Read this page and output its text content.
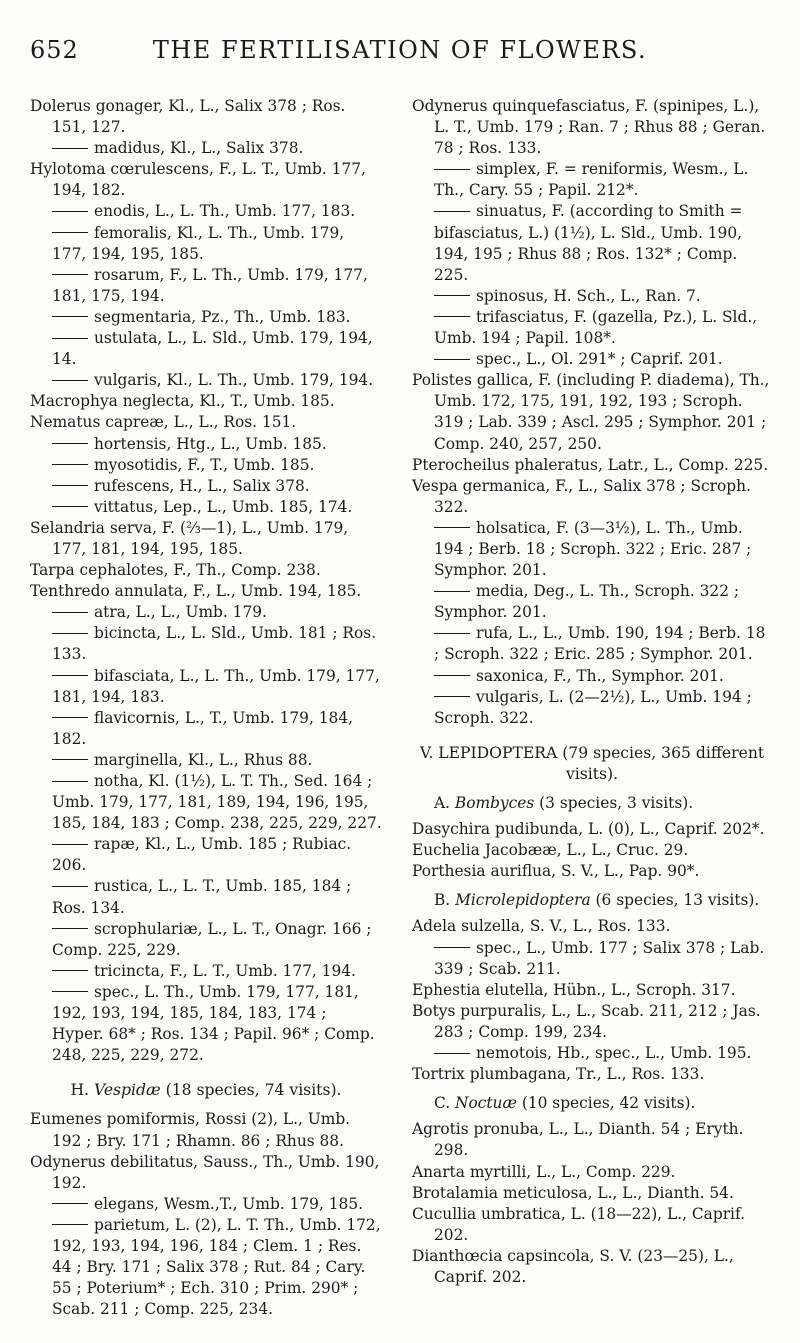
652	THE FERTILISATION OF FLOWERS.

Dolerus gonager, Kl., L., Salix 378 ; Ros. 151, 127.

madidus, Kl., L., Salix 378.

Hylotoma cœrulescens, F., L. T., Umb. 177, 194, 182.

enodis, L., L. Th., Umb. 177, 183.

femoralis, Kl., L. Th., Umb. 179, 177, 194, 195, 185.

rosarum, F., L. Th., Umb. 179, 177, 181, 175, 194.

segmentaria, Pz., Th., Umb. 183.

ustulata, L., L. Sld., Umb. 179, 194, 14.

vulgaris, Kl., L. Th., Umb. 179, 194.

Macrophya neglecta, Kl., T., Umb. 185.

Nematus capreæ, L., L., Ros. 151.

hortensis, Htg., L., Umb. 185.

myosotidis, F., T., Umb. 185.

rufescens, H., L., Salix 378.

vittatus, Lep., L., Umb. 185, 174.

Selandria serva, F. (⅔—1), L., Umb. 179, 177, 181, 194, 195, 185.

Tarpa cephalotes, F., Th., Comp. 238.

Tenthredo annulata, F., L., Umb. 194, 185.

atra, L., L., Umb. 179.

bicincta, L., L. Sld., Umb. 181 ; Ros. 133.

bifasciata, L., L. Th., Umb. 179, 177, 181, 194, 183.

flavicornis, L., T., Umb. 179, 184, 182.

marginella, Kl., L., Rhus 88.

notha, Kl. (1½), L. T. Th., Sed. 164 ; Umb. 179, 177, 181, 189, 194, 196, 195, 185, 184, 183 ; Comp. 238, 225, 229, 227.

rapæ, Kl., L., Umb. 185 ; Rubiac. 206.

rustica, L., L. T., Umb. 185, 184 ; Ros. 134.

scrophulariæ, L., L. T., Onagr. 166 ; Comp. 225, 229.

tricincta, F., L. T., Umb. 177, 194.

spec., L. Th., Umb. 179, 177, 181, 192, 193, 194, 185, 184, 183, 174 ; Hyper. 68* ; Ros. 134 ; Papil. 96* ; Comp. 248, 225, 229, 272.

H. Vespidæ (18 species, 74 visits).

Eumenes pomiformis, Rossi (2), L., Umb. 192 ; Bry. 171 ; Rhamn. 86 ; Rhus 88.

Odynerus debilitatus, Sauss., Th., Umb. 190, 192.

elegans, Wesm.,T., Umb. 179, 185.

parietum, L. (2), L. T. Th., Umb. 172, 192, 193, 194, 196, 184 ; Clem. 1 ; Res. 44 ; Bry. 171 ; Salix 378 ; Rut. 84 ; Cary. 55 ; Poterium* ; Ech. 310 ; Prim. 290* ; Scab. 211 ; Comp. 225, 234.

Odynerus quinquefasciatus, F. (spinipes, L.), L. T., Umb. 179 ; Ran. 7 ; Rhus 88 ; Geran. 78 ; Ros. 133.

simplex, F. = reniformis, Wesm., L. Th., Cary. 55 ; Papil. 212*.

sinuatus, F. (according to Smith = bifasciatus, L.) (1½), L. Sld., Umb. 190, 194, 195 ; Rhus 88 ; Ros. 132* ; Comp. 225.

spinosus, H. Sch., L., Ran. 7.

trifasciatus, F. (gazella, Pz.), L. Sld., Umb. 194 ; Papil. 108*.

spec., L., Ol. 291* ; Caprif. 201.

Polistes gallica, F. (including P. diadema), Th., Umb. 172, 175, 191, 192, 193 ; Scroph. 319 ; Lab. 339 ; Ascl. 295 ; Symphor. 201 ; Comp. 240, 257, 250.

Pterocheilus phaleratus, Latr., L., Comp. 225.

Vespa germanica, F., L., Salix 378 ; Scroph. 322.

holsatica, F. (3—3½), L. Th., Umb. 194 ; Berb. 18 ; Scroph. 322 ; Eric. 287 ; Symphor. 201.

media, Deg., L. Th., Scroph. 322 ; Symphor. 201.

rufa, L., L., Umb. 190, 194 ; Berb. 18 ; Scroph. 322 ; Eric. 285 ; Symphor. 201.

saxonica, F., Th., Symphor. 201.

vulgaris, L. (2—2½), L., Umb. 194 ; Scroph. 322.

V. LEPIDOPTERA (79 species, 365 different visits).

A. Bombyces (3 species, 3 visits).

Dasychira pudibunda, L. (0), L., Caprif. 202*.

Euchelia Jacobææ, L., L., Cruc. 29.

Porthesia auriflua, S. V., L., Pap. 90*.

B. Microlepidoptera (6 species, 13 visits).

Adela sulzella, S. V., L., Ros. 133.

spec., L., Umb. 177 ; Salix 378 ; Lab. 339 ; Scab. 211.

Ephestia elutella, Hübn., L., Scroph. 317.

Botys purpuralis, L., L., Scab. 211, 212 ; Jas. 283 ; Comp. 199, 234.

nemotois, Hb., spec., L., Umb. 195.

Tortrix plumbagana, Tr., L., Ros. 133.

C. Noctuæ (10 species, 42 visits).

Agrotis pronuba, L., L., Dianth. 54 ; Eryth. 298.

Anarta myrtilli, L., L., Comp. 229.

Brotalamia meticulosa, L., L., Dianth. 54.

Cucullia umbratica, L. (18—22), L., Caprif. 202.

Dianthœcia capsincola, S. V. (23—25), L., Caprif. 202.
